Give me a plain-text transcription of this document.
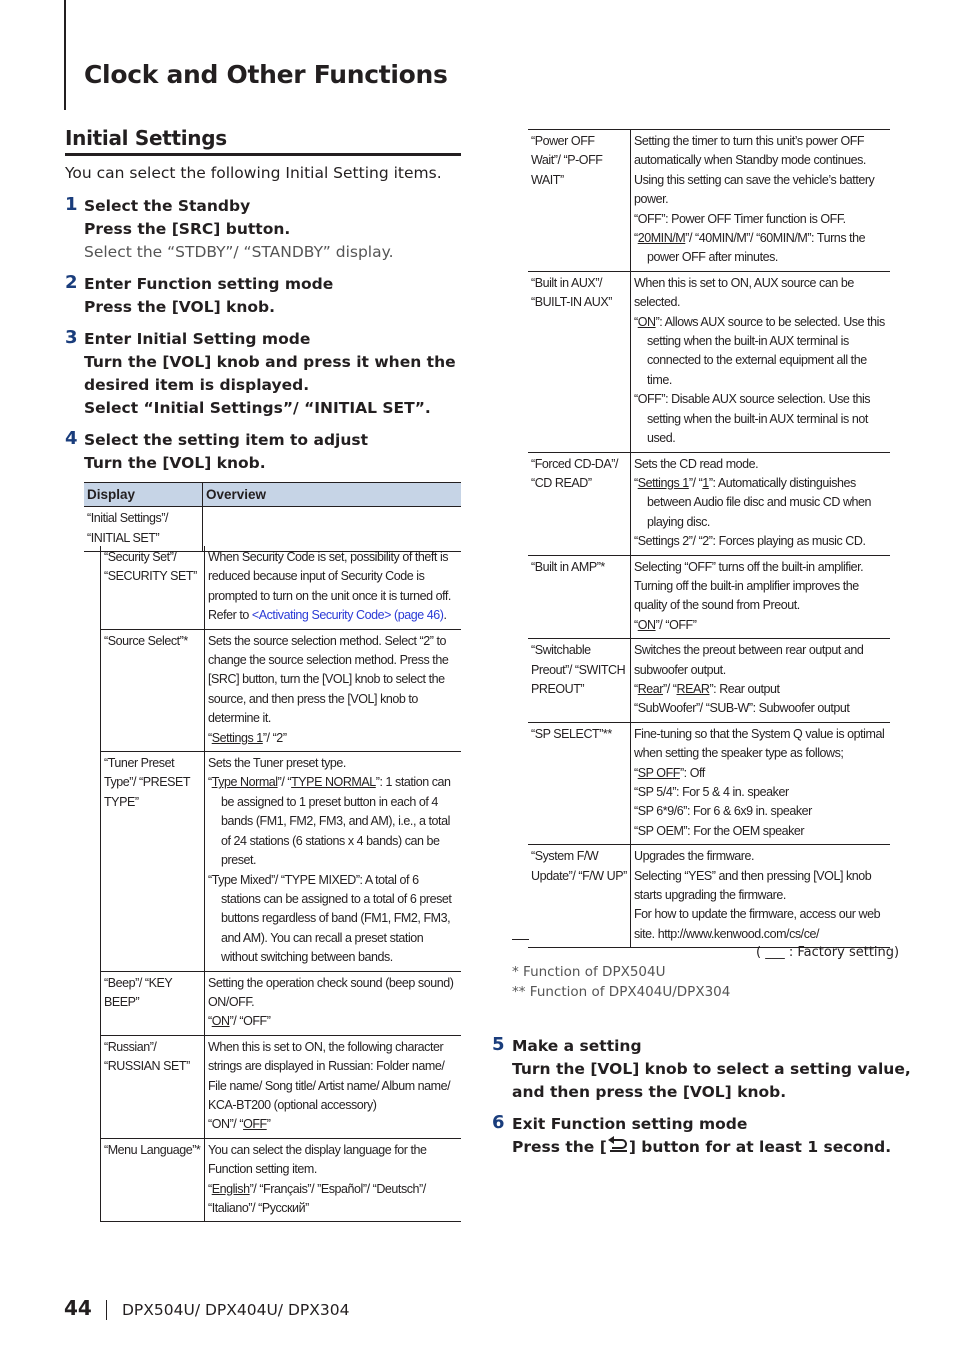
Clock and Other Functions
Initial Settings
You can select the following Initial Setting items.
1 Select the Standby
Press the [SRC] button.
Select the “STDBY”/ “STANDBY” display.
2 Enter Function setting mode
Press the [VOL] knob.
3 Enter Initial Setting mode
Turn the [VOL] knob and press it when the
desired item is displayed.
Select “Initial Settings”/ “INITIAL SET”.
4 Select the setting item to adjust
Turn the [VOL] knob.
Display	Overview
“Initial Settings”/ “INITIAL SET”	
“Security Set”/ “SECURITY SET”	When Security Code is set, possibility of theft is reduced because input of Security Code is prompted to turn on the unit once it is turned off. Refer to <Activating Security Code> (page 46).
“Source Select”*	Sets the source selection method. Select “2” to change the source selection method. Press the [SRC] button, turn the [VOL] knob to select the source, and then press the [VOL] knob to determine it.
“Settings 1”/ “2”

“Tuner Preset Type”/ “PRESET TYPE”	Sets the Tuner preset type.
“Type Normal”/ “TYPE NORMAL”: 1 station can be assigned to 1 preset button in each of 4 bands (FM1, FM2, FM3, and AM), i.e., a total of 24 stations (6 stations x 4 bands) can be preset.
“Type Mixed”/ “TYPE MIXED”: A total of 6 stations can be assigned to a total of 6 preset buttons regardless of band (FM1, FM2, FM3, and AM). You can recall a preset station without switching between bands.

“Beep”/ “KEY BEEP”	Setting the operation check sound (beep sound) ON/OFF.
“ON”/ “OFF”

“Russian”/ “RUSSIAN SET”	When this is set to ON, the following character strings are displayed in Russian: Folder name/ File name/ Song title/ Artist name/ Album name/ KCA-BT200 (optional accessory)
“ON”/ “OFF”

“Menu Language”*	You can select the display language for the Function setting item.
“English”/ “Français”/ ”Español”/ “Deutsch”/ “Italiano”/ “Русский”
“Power OFF Wait”/ “P-OFF WAIT”	Setting the timer to turn this unit’s power OFF automatically when Standby mode continues. Using this setting can save the vehicle’s battery power.
“OFF”: Power OFF Timer function is OFF.
“20MIN/M”/ “40MIN/M”/ “60MIN/M”: Turns the power OFF after minutes.

“Built in AUX”/ “BUILT-IN AUX”	When this is set to ON, AUX source can be selected.
“ON”: Allows AUX source to be selected. Use this setting when the built-in AUX terminal is connected to the external equipment all the time.
“OFF”: Disable AUX source selection. Use this setting when the built-in AUX terminal is not used.

“Forced CD-DA”/ “CD READ”	Sets the CD read mode.
“Settings 1”/ “1”: Automatically distinguishes between Audio file disc and music CD when playing disc.
“Settings 2”/ “2”: Forces playing as music CD.

“Built in AMP”*	Selecting “OFF” turns off the built-in amplifier. Turning off the built-in amplifier improves the quality of the sound from Preout.
“ON”/ “OFF”

“Switchable Preout”/ “SWITCH PREOUT”	Switches the preout between rear output and subwoofer output.
“Rear”/ “REAR”: Rear output
“SubWoofer”/ “SUB-W”: Subwoofer output

“SP SELECT”**	Fine-tuning so that the System Q value is optimal when setting the speaker type as follows;
“SP OFF”: Off
“SP 5/4”: For 5 & 4 in. speaker
“SP 6*9/6”: For 6 & 6x9 in. speaker
“SP OEM”: For the OEM speaker

“System F/W Update”/ “F/W UP”	Upgrades the firmware.
Selecting “YES” and then pressing [VOL] knob starts upgrading the firmware.
For how to update the firmware, access our web site. http://www.kenwood.com/cs/ce/
( ___ : Factory setting)
* Function of DPX504U
** Function of DPX404U/DPX304
5 Make a setting
Turn the [VOL] knob to select a setting value,
and then press the [VOL] knob.
6 Exit Function setting mode
Press the [ ] button for at least 1 second.
44 DPX504U/ DPX404U/ DPX304
